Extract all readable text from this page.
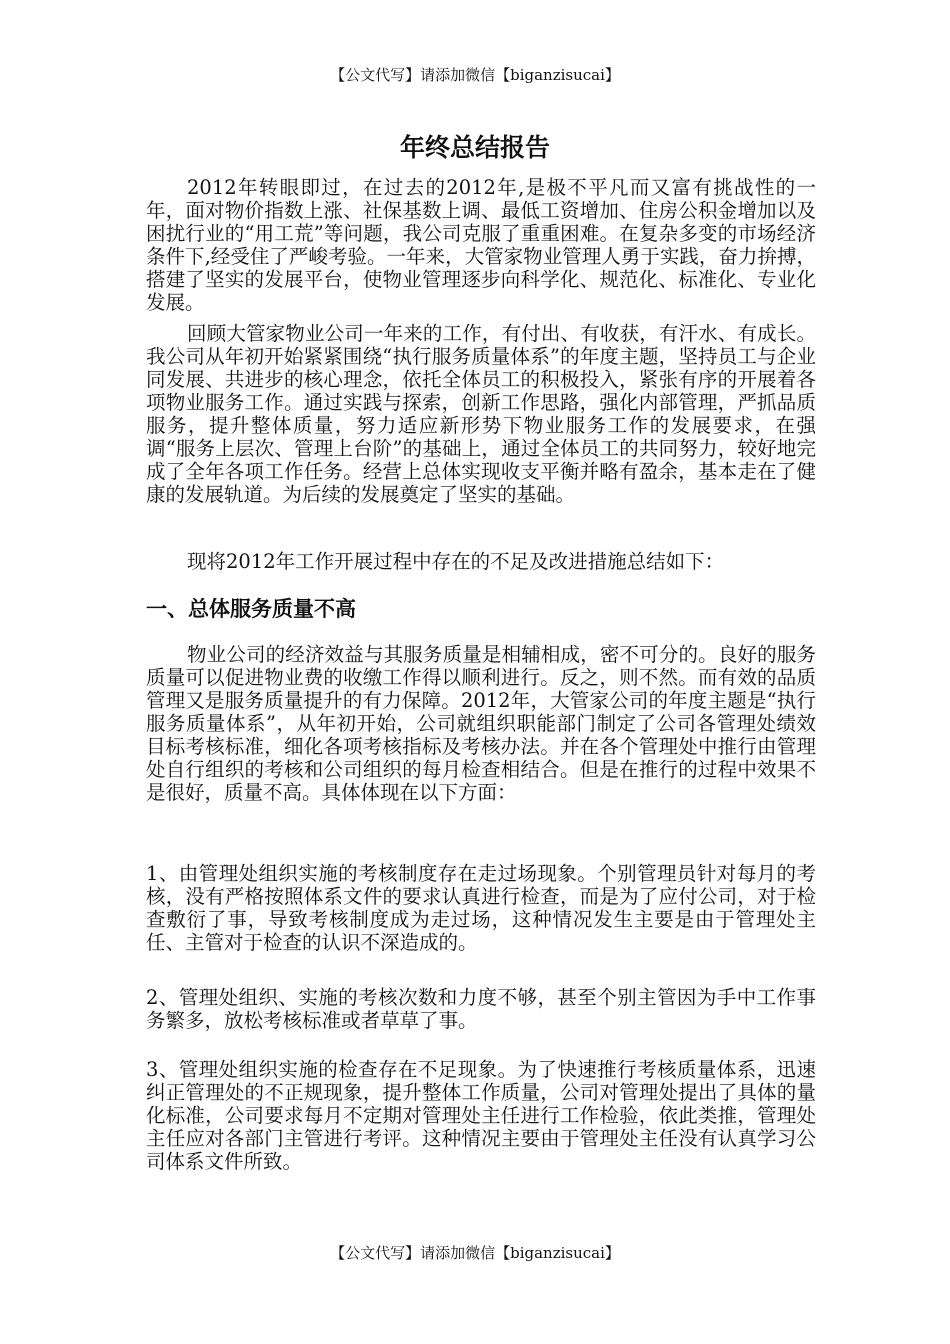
【公文代写】请添加微信【biganzisucai】
年终总结报告

2012年转眼即过，在过去的2012年,是极不平凡而又富有挑战性的一年，面对物价指数上涨、社保基数上调、最低工资增加、住房公积金增加以及困扰行业的“用工荒”等问题，我公司克服了重重困难。在复杂多变的市场经济条件下,经受住了严峻考验。一年来，大管家物业管理人勇于实践，奋力拚搏，搭建了坚实的发展平台，使物业管理逐步向科学化、规范化、标准化、专业化发展。

回顾大管家物业公司一年来的工作，有付出、有收获，有汗水、有成长。我公司从年初开始紧紧围绕“执行服务质量体系”的年度主题，坚持员工与企业同发展、共进步的核心理念，依托全体员工的积极投入，紧张有序的开展着各项物业服务工作。通过实践与探索，创新工作思路，强化内部管理，严抓品质服务，提升整体质量，努力适应新形势下物业服务工作的发展要求，在强调“服务上层次、管理上台阶”的基础上，通过全体员工的共同努力，较好地完成了全年各项工作任务。经营上总体实现收支平衡并略有盈余，基本走在了健康的发展轨道。为后续的发展奠定了坚实的基础。

现将2012年工作开展过程中存在的不足及改进措施总结如下：

一、总体服务质量不高

物业公司的经济效益与其服务质量是相辅相成，密不可分的。良好的服务质量可以促进物业费的收缴工作得以顺利进行。反之，则不然。而有效的品质管理又是服务质量提升的有力保障。2012年，大管家公司的年度主题是“执行服务质量体系”，从年初开始，公司就组织职能部门制定了公司各管理处绩效目标考核标准，细化各项考核指标及考核办法。并在各个管理处中推行由管理处自行组织的考核和公司组织的每月检查相结合。但是在推行的过程中效果不是很好，质量不高。具体体现在以下方面：

1、由管理处组织实施的考核制度存在走过场现象。个别管理员针对每月的考核，没有严格按照体系文件的要求认真进行检查，而是为了应付公司，对于检查敷衍了事，导致考核制度成为走过场，这种情况发生主要是由于管理处主任、主管对于检查的认识不深造成的。

2、管理处组织、实施的考核次数和力度不够，甚至个别主管因为手中工作事务繁多，放松考核标准或者草草了事。

3、管理处组织实施的检查存在不足现象。为了快速推行考核质量体系，迅速纠正管理处的不正规现象，提升整体工作质量，公司对管理处提出了具体的量化标准，公司要求每月不定期对管理处主任进行工作检验，依此类推，管理处主任应对各部门主管进行考评。这种情况主要由于管理处主任没有认真学习公司体系文件所致。

【公文代写】请添加微信【biganzisucai】
